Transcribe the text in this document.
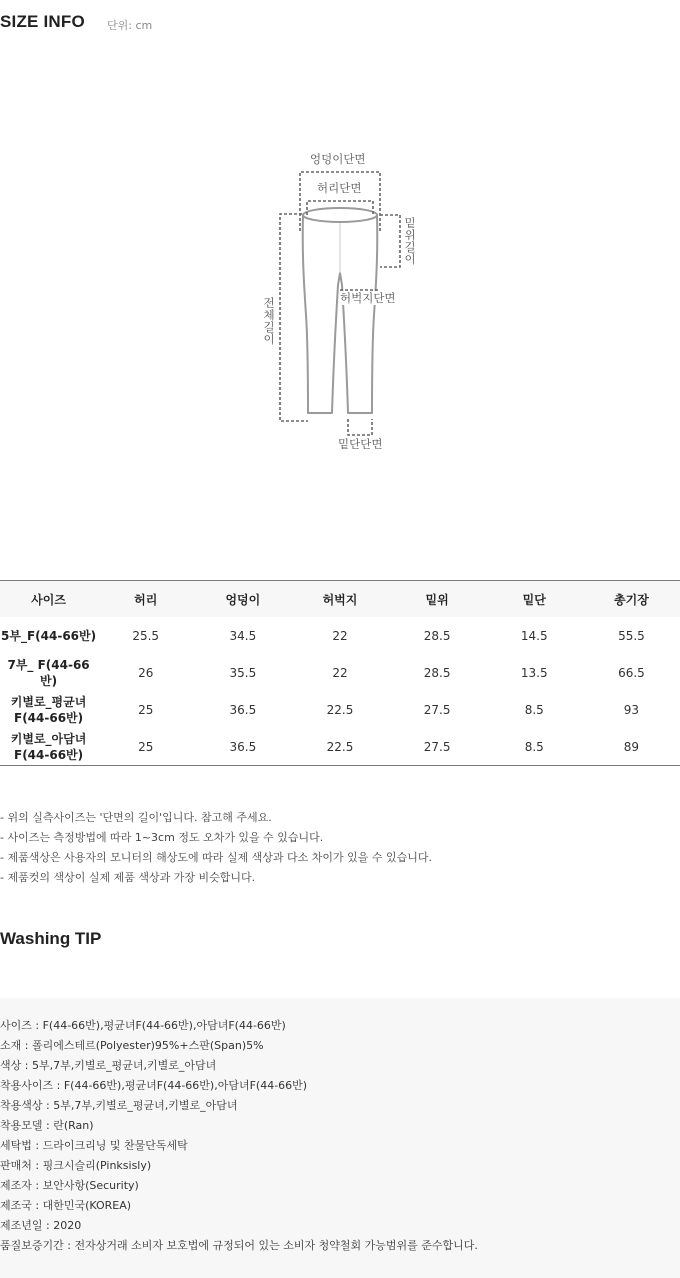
SIZE INFO 단위: cm
엉덩이단면
허리단면
밑위길이
허벅지단면
전체길이
밑단단면
사이즈	허리	엉덩이	허벅지	밑위	밑단	총기장
5부_F(44-66반)	25.5	34.5	22	28.5	14.5	55.5
7부_ F(44-66반)	26	35.5	22	28.5	13.5	66.5
키별로_평균녀 F(44-66반)	25	36.5	22.5	27.5	8.5	93
키별로_아담녀 F(44-66반)	25	36.5	22.5	27.5	8.5	89
- 위의 실측사이즈는 '단면의 길이'입니다. 참고해 주세요.
- 사이즈는 측정방법에 따라 1~3cm 정도 오차가 있을 수 있습니다.
- 제품색상은 사용자의 모니터의 해상도에 따라 실제 색상과 다소 차이가 있을 수 있습니다.
- 제품컷의 색상이 실제 제품 색상과 가장 비슷합니다.
Washing TIP
사이즈 : F(44-66반),평균녀F(44-66반),아담녀F(44-66반)
소재 : 폴리에스테르(Polyester)95%+스판(Span)5%
색상 : 5부,7부,키별로_평균녀,키별로_아담녀
착용사이즈 : F(44-66반),평균녀F(44-66반),아담녀F(44-66반)
착용색상 : 5부,7부,키별로_평균녀,키별로_아담녀
착용모델 : 란(Ran)
세탁법 : 드라이크리닝 및 찬물단독세탁
판매처 : 핑크시슬리(Pinksisly)
제조자 : 보안사항(Security)
제조국 : 대한민국(KOREA)
제조년일 : 2020
품질보증기간 : 전자상거래 소비자 보호법에 규정되어 있는 소비자 청약철회 가능범위를 준수합니다.
